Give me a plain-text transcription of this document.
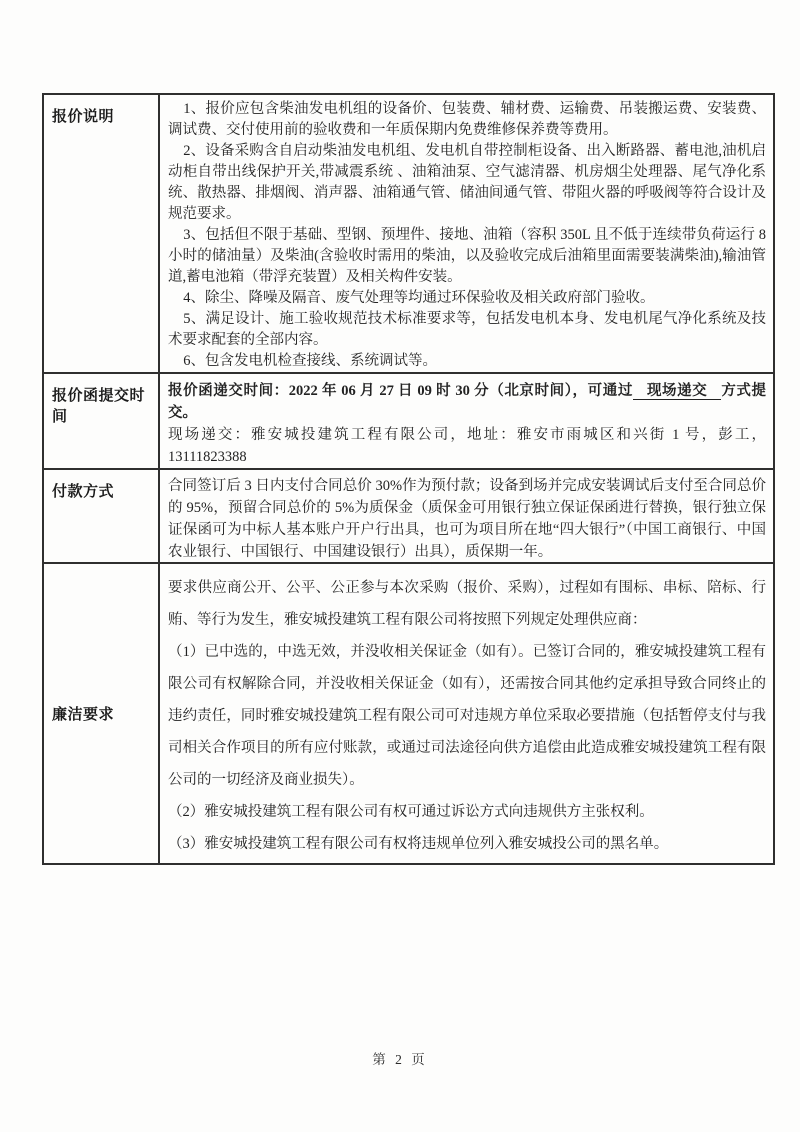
报价说明	1、报价应包含柴油发电机组的设备价、包装费、辅材费、运输费、吊装搬运费、安装费、调试费、交付使用前的验收费和一年质保期内免费维修保养费等费用。

2、设备采购含自启动柴油发电机组、发电机自带控制柜设备、出入断路器、蓄电池,油机启动柜自带出线保护开关,带减震系统 、油箱油泵、空气滤清器、机房烟尘处理器、尾气净化系统、散热器、排烟阀、消声器、油箱通气管、储油间通气管、带阻火器的呼吸阀等符合设计及规范要求。

3、包括但不限于基础、型钢、预埋件、接地、油箱（容积 350L 且不低于连续带负荷运行 8 小时的储油量）及柴油(含验收时需用的柴油，以及验收完成后油箱里面需要装满柴油),输油管道,蓄电池箱（带浮充装置）及相关构件安装。

4、除尘、降噪及隔音、废气处理等均通过环保验收及相关政府部门验收。

5、满足设计、施工验收规范技术标准要求等，包括发电机本身、发电机尾气净化系统及技术要求配套的全部内容。

6、包含发电机检查接线、系统调试等。

报价函提交时间

报价函递交时间：2022 年 06 月 27 日 09 时 30 分（北京时间），可通过 现场递交 方式提交。

现场递交：雅安城投建筑工程有限公司，地址：雅安市雨城区和兴街 1 号，彭工，13111823388

付款方式	合同签订后 3 日内支付合同总价 30%作为预付款；设备到场并完成安装调试后支付至合同总价的 95%，预留合同总价的 5%为质保金（质保金可用银行独立保证保函进行替换，银行独立保证保函可为中标人基本账户开户行出具，也可为项目所在地“四大银行”（中国工商银行、中国农业银行、中国银行、中国建设银行）出具），质保期一年。

廉洁要求

要求供应商公开、公平、公正参与本次采购（报价、采购），过程如有围标、串标、陪标、行贿、等行为发生，雅安城投建筑工程有限公司将按照下列规定处理供应商：

（1）已中选的，中选无效，并没收相关保证金（如有）。已签订合同的，雅安城投建筑工程有限公司有权解除合同，并没收相关保证金（如有），还需按合同其他约定承担导致合同终止的违约责任，同时雅安城投建筑工程有限公司可对违规方单位采取必要措施（包括暂停支付与我司相关合作项目的所有应付账款，或通过司法途径向供方追偿由此造成雅安城投建筑工程有限公司的一切经济及商业损失）。

（2）雅安城投建筑工程有限公司有权可通过诉讼方式向违规供方主张权利。

（3）雅安城投建筑工程有限公司有权将违规单位列入雅安城投公司的黑名单。

第 2 页
